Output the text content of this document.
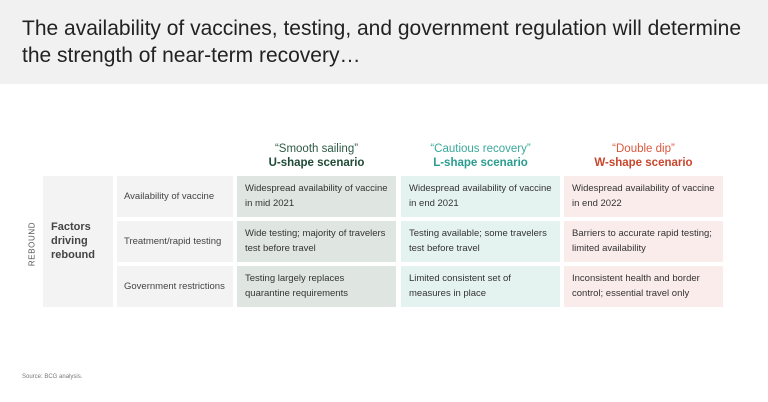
The availability of vaccines, testing, and government regulation will determine the strength of near-term recovery…
“Smooth sailing”
U-shape scenario
“Cautious recovery”
L-shape scenario
“Double dip”
W-shape scenario
REBOUND Factors
driving
rebound
Availability of vaccine
Treatment/rapid testing
Government restrictions
Widespread availability of vaccine in mid 2021
Widespread availability of vaccine in end 2021
Widespread availability of vaccine in end 2022
Wide testing; majority of travelers test before travel
Testing available; some travelers test before travel
Barriers to accurate rapid testing; limited availability
Testing largely replaces quarantine requirements
Limited consistent set of measures in place
Inconsistent health and border control; essential travel only
Source: BCG analysis.
